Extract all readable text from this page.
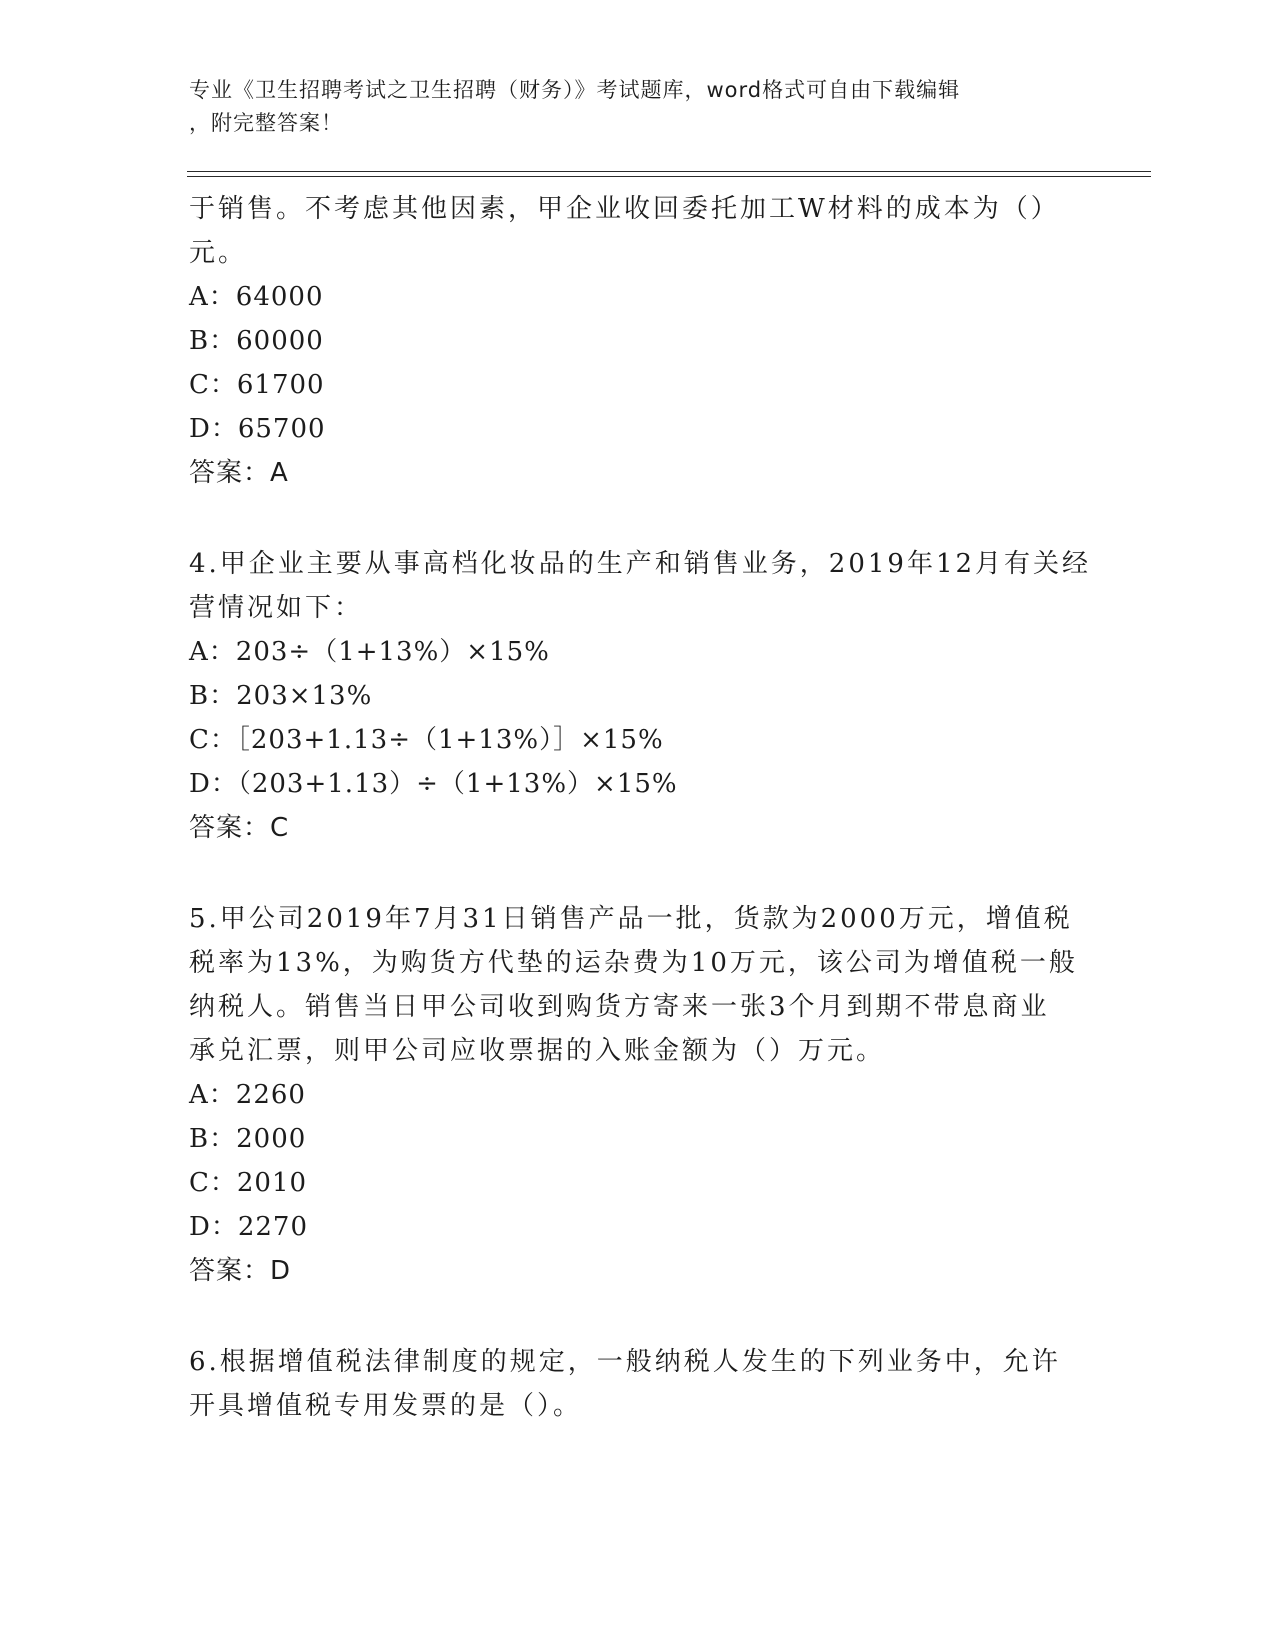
专业《卫生招聘考试之卫生招聘（财务）》考试题库，word格式可自由下载编辑
，附完整答案！
于销售。不考虑其他因素，甲企业收回委托加工W材料的成本为（）
元。
A：64000
B：60000
C：61700
D：65700
答案：A
4.甲企业主要从事高档化妆品的生产和销售业务，2019年12月有关经
营情况如下：
A：203÷（1+13%）×15%
B：203×13%
C：［203+1.13÷（1+13%）］×15%
D：（203+1.13）÷（1+13%）×15%
答案：C
5.甲公司2019年7月31日销售产品一批，货款为2000万元，增值税
税率为13%，为购货方代垫的运杂费为10万元，该公司为增值税一般
纳税人。销售当日甲公司收到购货方寄来一张3个月到期不带息商业
承兑汇票，则甲公司应收票据的入账金额为（）万元。
A：2260
B：2000
C：2010
D：2270
答案：D
6.根据增值税法律制度的规定，一般纳税人发生的下列业务中，允许
开具增值税专用发票的是（）。
